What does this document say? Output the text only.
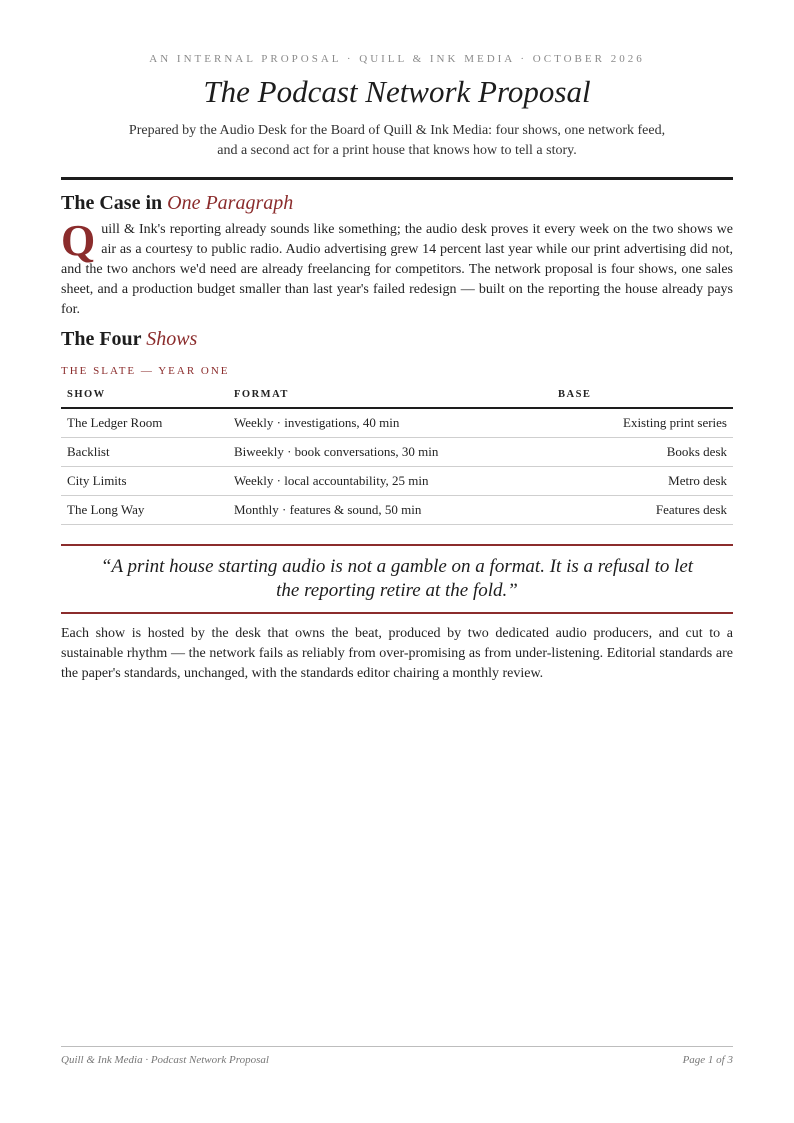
AN INTERNAL PROPOSAL · QUILL & INK MEDIA · OCTOBER 2026
The Podcast Network Proposal
Prepared by the Audio Desk for the Board of Quill & Ink Media: four shows, one network feed, and a second act for a print house that knows how to tell a story.
The Case in One Paragraph

Quill & Ink's reporting already sounds like something; the audio desk proves it every week on the two shows we air as a courtesy to public radio. Audio advertising grew 14 percent last year while our print advertising did not, and the two anchors we'd need are already freelancing for competitors. The network proposal is four shows, one sales sheet, and a production budget smaller than last year's failed redesign — built on the reporting the house already pays for.

The Four Shows
THE SLATE — YEAR ONE
SHOW	FORMAT	BASE
The Ledger Room	Weekly · investigations, 40 min	Existing print series
Backlist	Biweekly · book conversations, 30 min	Books desk
City Limits	Weekly · local accountability, 25 min	Metro desk
The Long Way	Monthly · features & sound, 50 min	Features desk

“A print house starting audio is not a gamble on a format. It is a refusal to let the reporting retire at the fold.”

Each show is hosted by the desk that owns the beat, produced by two dedicated audio producers, and cut to a sustainable rhythm — the network fails as reliably from over-promising as from under-listening. Editorial standards are the paper's standards, unchanged, with the standards editor chairing a monthly review.

Quill & Ink Media · Podcast Network Proposal	Page 1 of 3
